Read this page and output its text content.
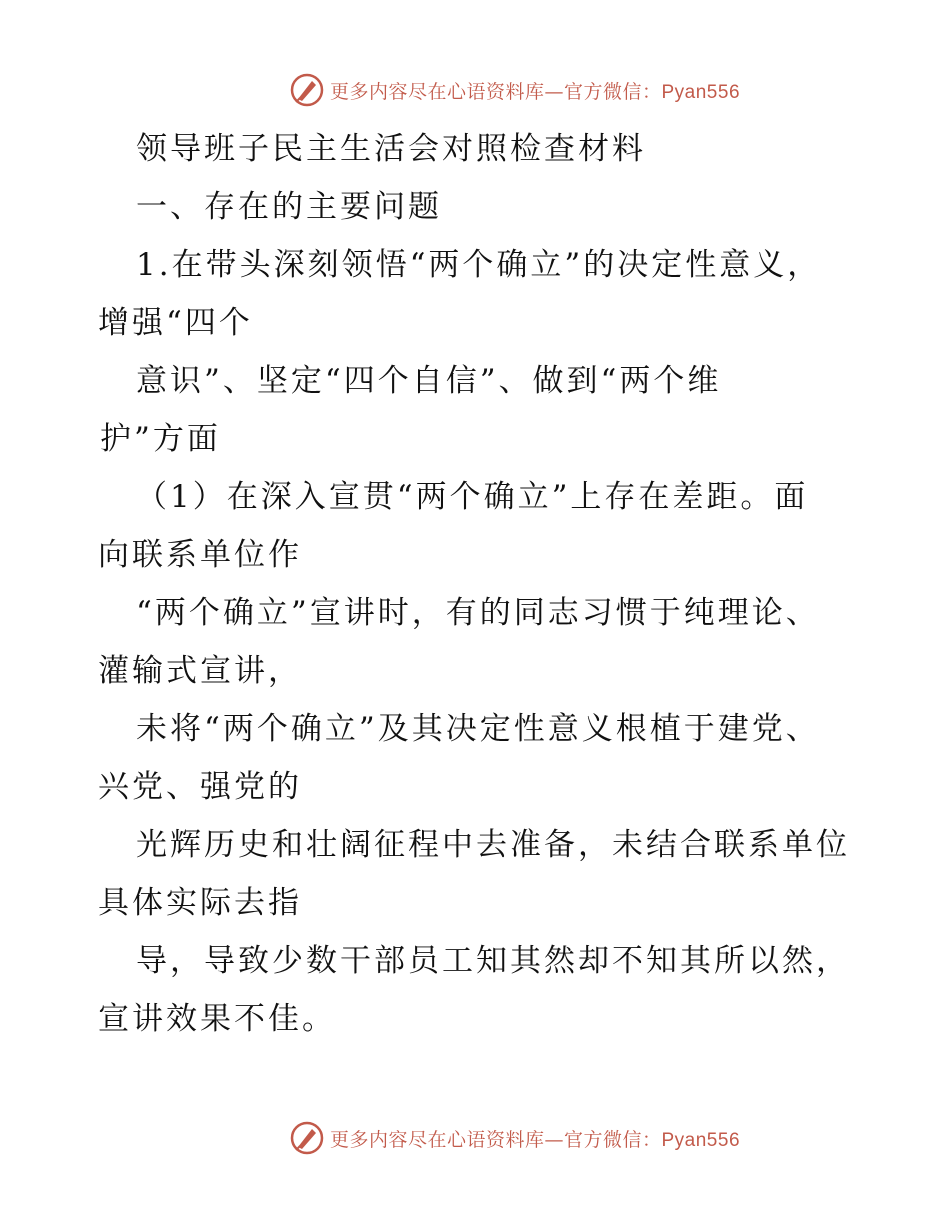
更多内容尽在心语资料库—官方微信：Pyan556
领导班子民主生活会对照检查材料
一、存在的主要问题
1.在带头深刻领悟“两个确立”的决定性意义，
增强“四个
意识”、坚定“四个自信”、做到“两个维
护”方面
（1）在深入宣贯“两个确立”上存在差距。面
向联系单位作
“两个确立”宣讲时，有的同志习惯于纯理论、
灌输式宣讲，
未将“两个确立”及其决定性意义根植于建党、
兴党、强党的
光辉历史和壮阔征程中去准备，未结合联系单位
具体实际去指
导，导致少数干部员工知其然却不知其所以然，
宣讲效果不佳。
更多内容尽在心语资料库—官方微信：Pyan556
